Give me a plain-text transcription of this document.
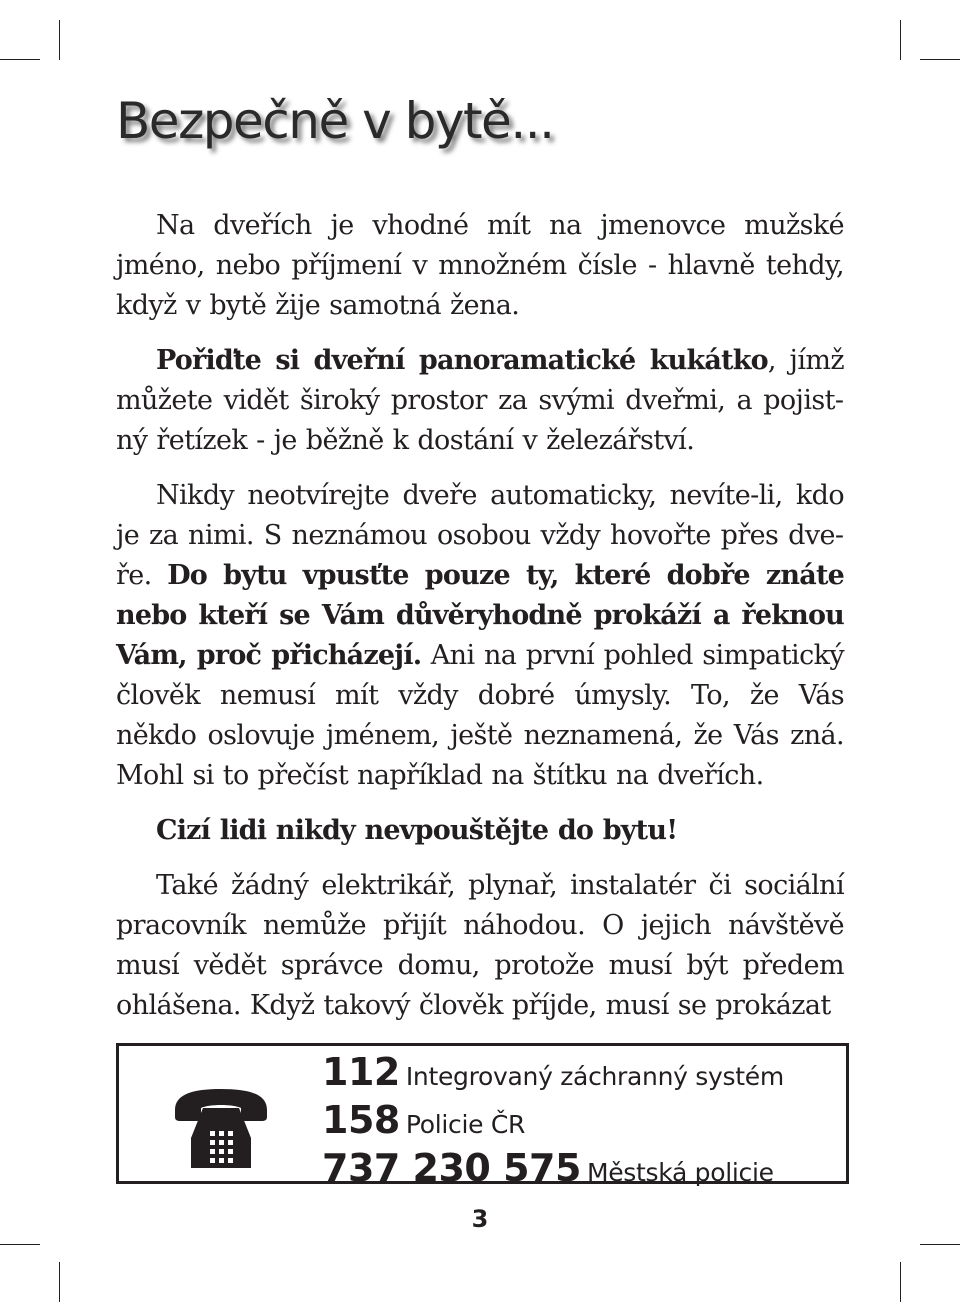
Bezpečně v bytě...

Na dveřích je vhodné mít na jmenovce mužské jméno, nebo příjmení v množném čísle - hlavně tehdy, když v bytě žije samotná žena.

Pořiďte si dveřní panoramatické kukátko, jímž můžete vidět široký prostor za svými dveřmi, a pojistný řetízek - je běžně k dostání v železářství.

Nikdy neotvírejte dveře automaticky, nevíte-li, kdo je za nimi. S neznámou osobou vždy hovořte přes dveře. Do bytu vpusťte pouze ty, které dobře znáte nebo kteří se Vám důvěryhodně prokáží a řeknou Vám, proč přicházejí. Ani na první pohled simpatický člověk nemusí mít vždy dobré úmysly. To, že Vás někdo oslovuje jménem, ještě neznamená, že Vás zná. Mohl si to přečíst například na štítku na dveřích.

Cizí lidi nikdy nevpouštějte do bytu!

Také žádný elektrikář, plynař, instalatér či sociální pracovník nemůže přijít náhodou. O jejich návštěvě musí vědět správce domu, protože musí být předem ohlášena. Když takový člověk příjde, musí se prokázat

112 Integrovaný záchranný systém
158 Policie ČR
737 230 575 Městská policie
3
